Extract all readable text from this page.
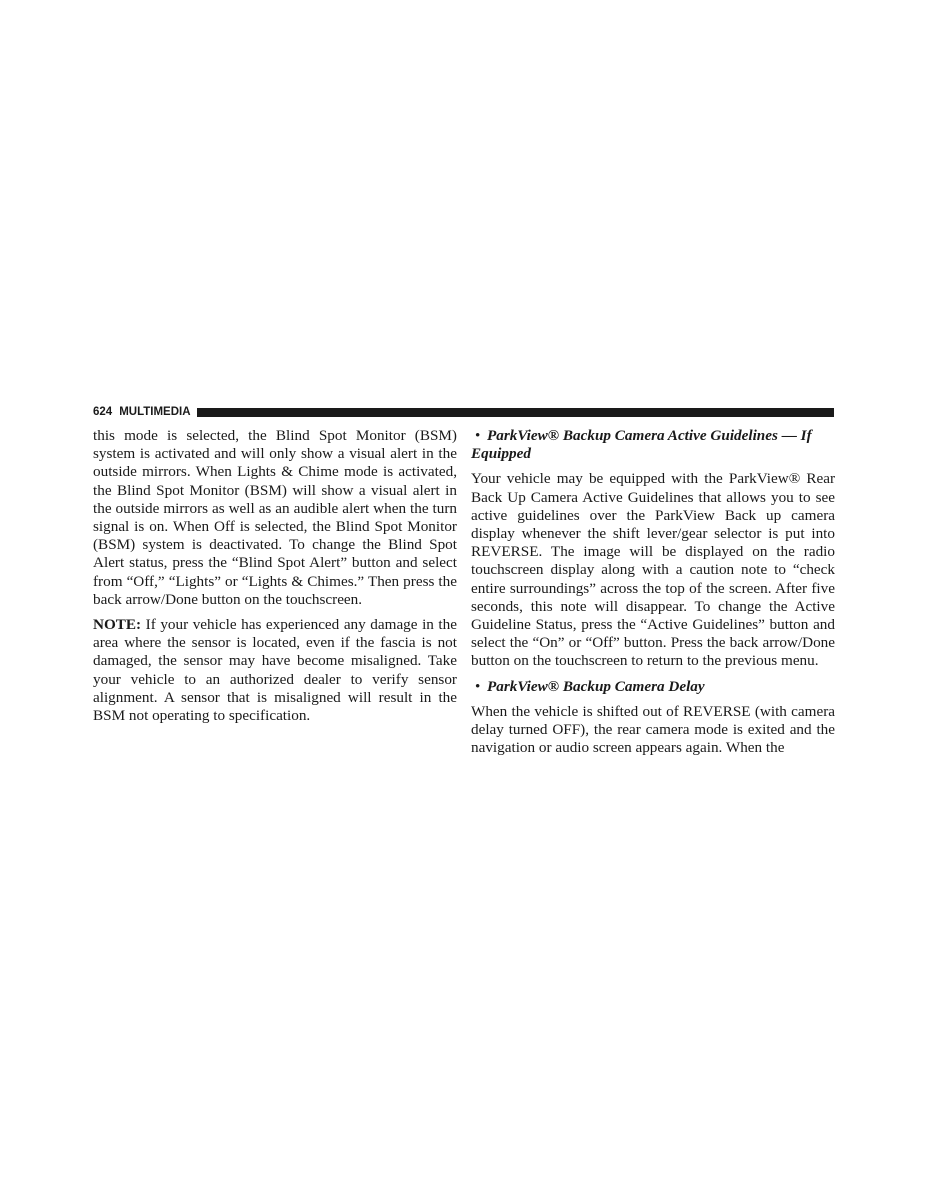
624 MULTIMEDIA

this mode is selected, the Blind Spot Monitor (BSM) system is activated and will only show a visual alert in the outside mirrors. When Lights & Chime mode is activated, the Blind Spot Monitor (BSM) will show a visual alert in the outside mirrors as well as an audible alert when the turn signal is on. When Off is selected, the Blind Spot Monitor (BSM) system is deactivated. To change the Blind Spot Alert status, press the “Blind Spot Alert” button and select from “Off,” “Lights” or “Lights & Chimes.” Then press the back arrow/Done button on the touchscreen.

NOTE: If your vehicle has experienced any damage in the area where the sensor is located, even if the fascia is not damaged, the sensor may have become misaligned. Take your vehicle to an authorized dealer to verify sensor alignment. A sensor that is misaligned will result in the BSM not operating to specification.

• ParkView® Backup Camera Active Guidelines — If Equipped

Your vehicle may be equipped with the ParkView® Rear Back Up Camera Active Guidelines that allows you to see active guidelines over the ParkView Back up camera display whenever the shift lever/gear selector is put into REVERSE. The image will be displayed on the radio touchscreen display along with a caution note to “check entire surroundings” across the top of the screen. After five seconds, this note will disappear. To change the Active Guideline Status, press the “Active Guidelines” button and select the “On” or “Off” button. Press the back arrow/Done button on the touchscreen to return to the previous menu.

• ParkView® Backup Camera Delay

When the vehicle is shifted out of REVERSE (with camera delay turned OFF), the rear camera mode is exited and the navigation or audio screen appears again. When the
